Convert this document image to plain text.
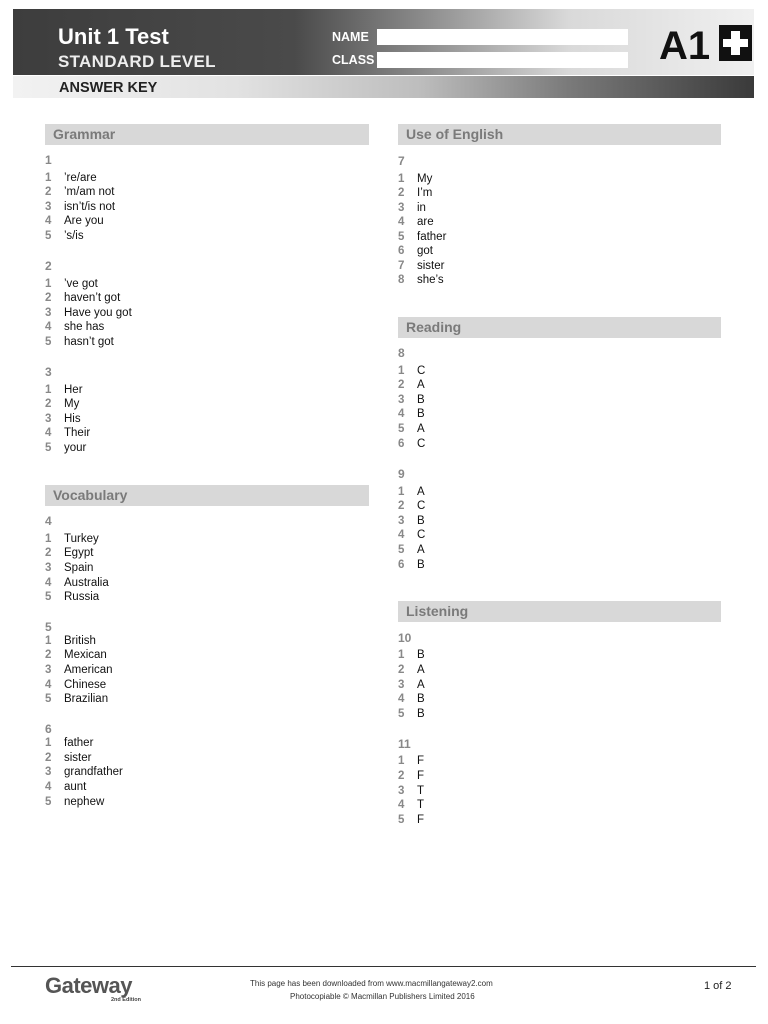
Unit 1 Test
STANDARD LEVEL
NAME
CLASS	A1
ANSWER KEY
Grammar
1
1 ’re/are
2 ’m/am not
3 isn’t/is not
4 Are you
5 ’s/is
2
1 ’ve got
2 haven’t got
3 Have you got
4 she has
5 hasn’t got
3
1 Her
2 My
3 His
4 Their
5 your
Vocabulary
4
1 Turkey
2 Egypt
3 Spain
4 Australia
5 Russia
5
1 British
2 Mexican
3 American
4 Chinese
5 Brazilian
6
1 father
2 sister
3 grandfather
4 aunt
5 nephew
Use of English
7
1 My
2 I’m
3 in
4 are
5 father
6 got
7 sister
8 she’s
Reading
8
1 C
2 A
3 B
4 B
5 A
6 C
9
1 A
2 C
3 B
4 C
5 A
6 B
Listening
10
1 B
2 A
3 A
4 B
5 B
11
1 F
2 F
3 T
4 T
5 F
Gateway
2nd Edition
This page has been downloaded from www.macmillangateway2.com
Photocopiable © Macmillan Publishers Limited 2016
1 of 2
